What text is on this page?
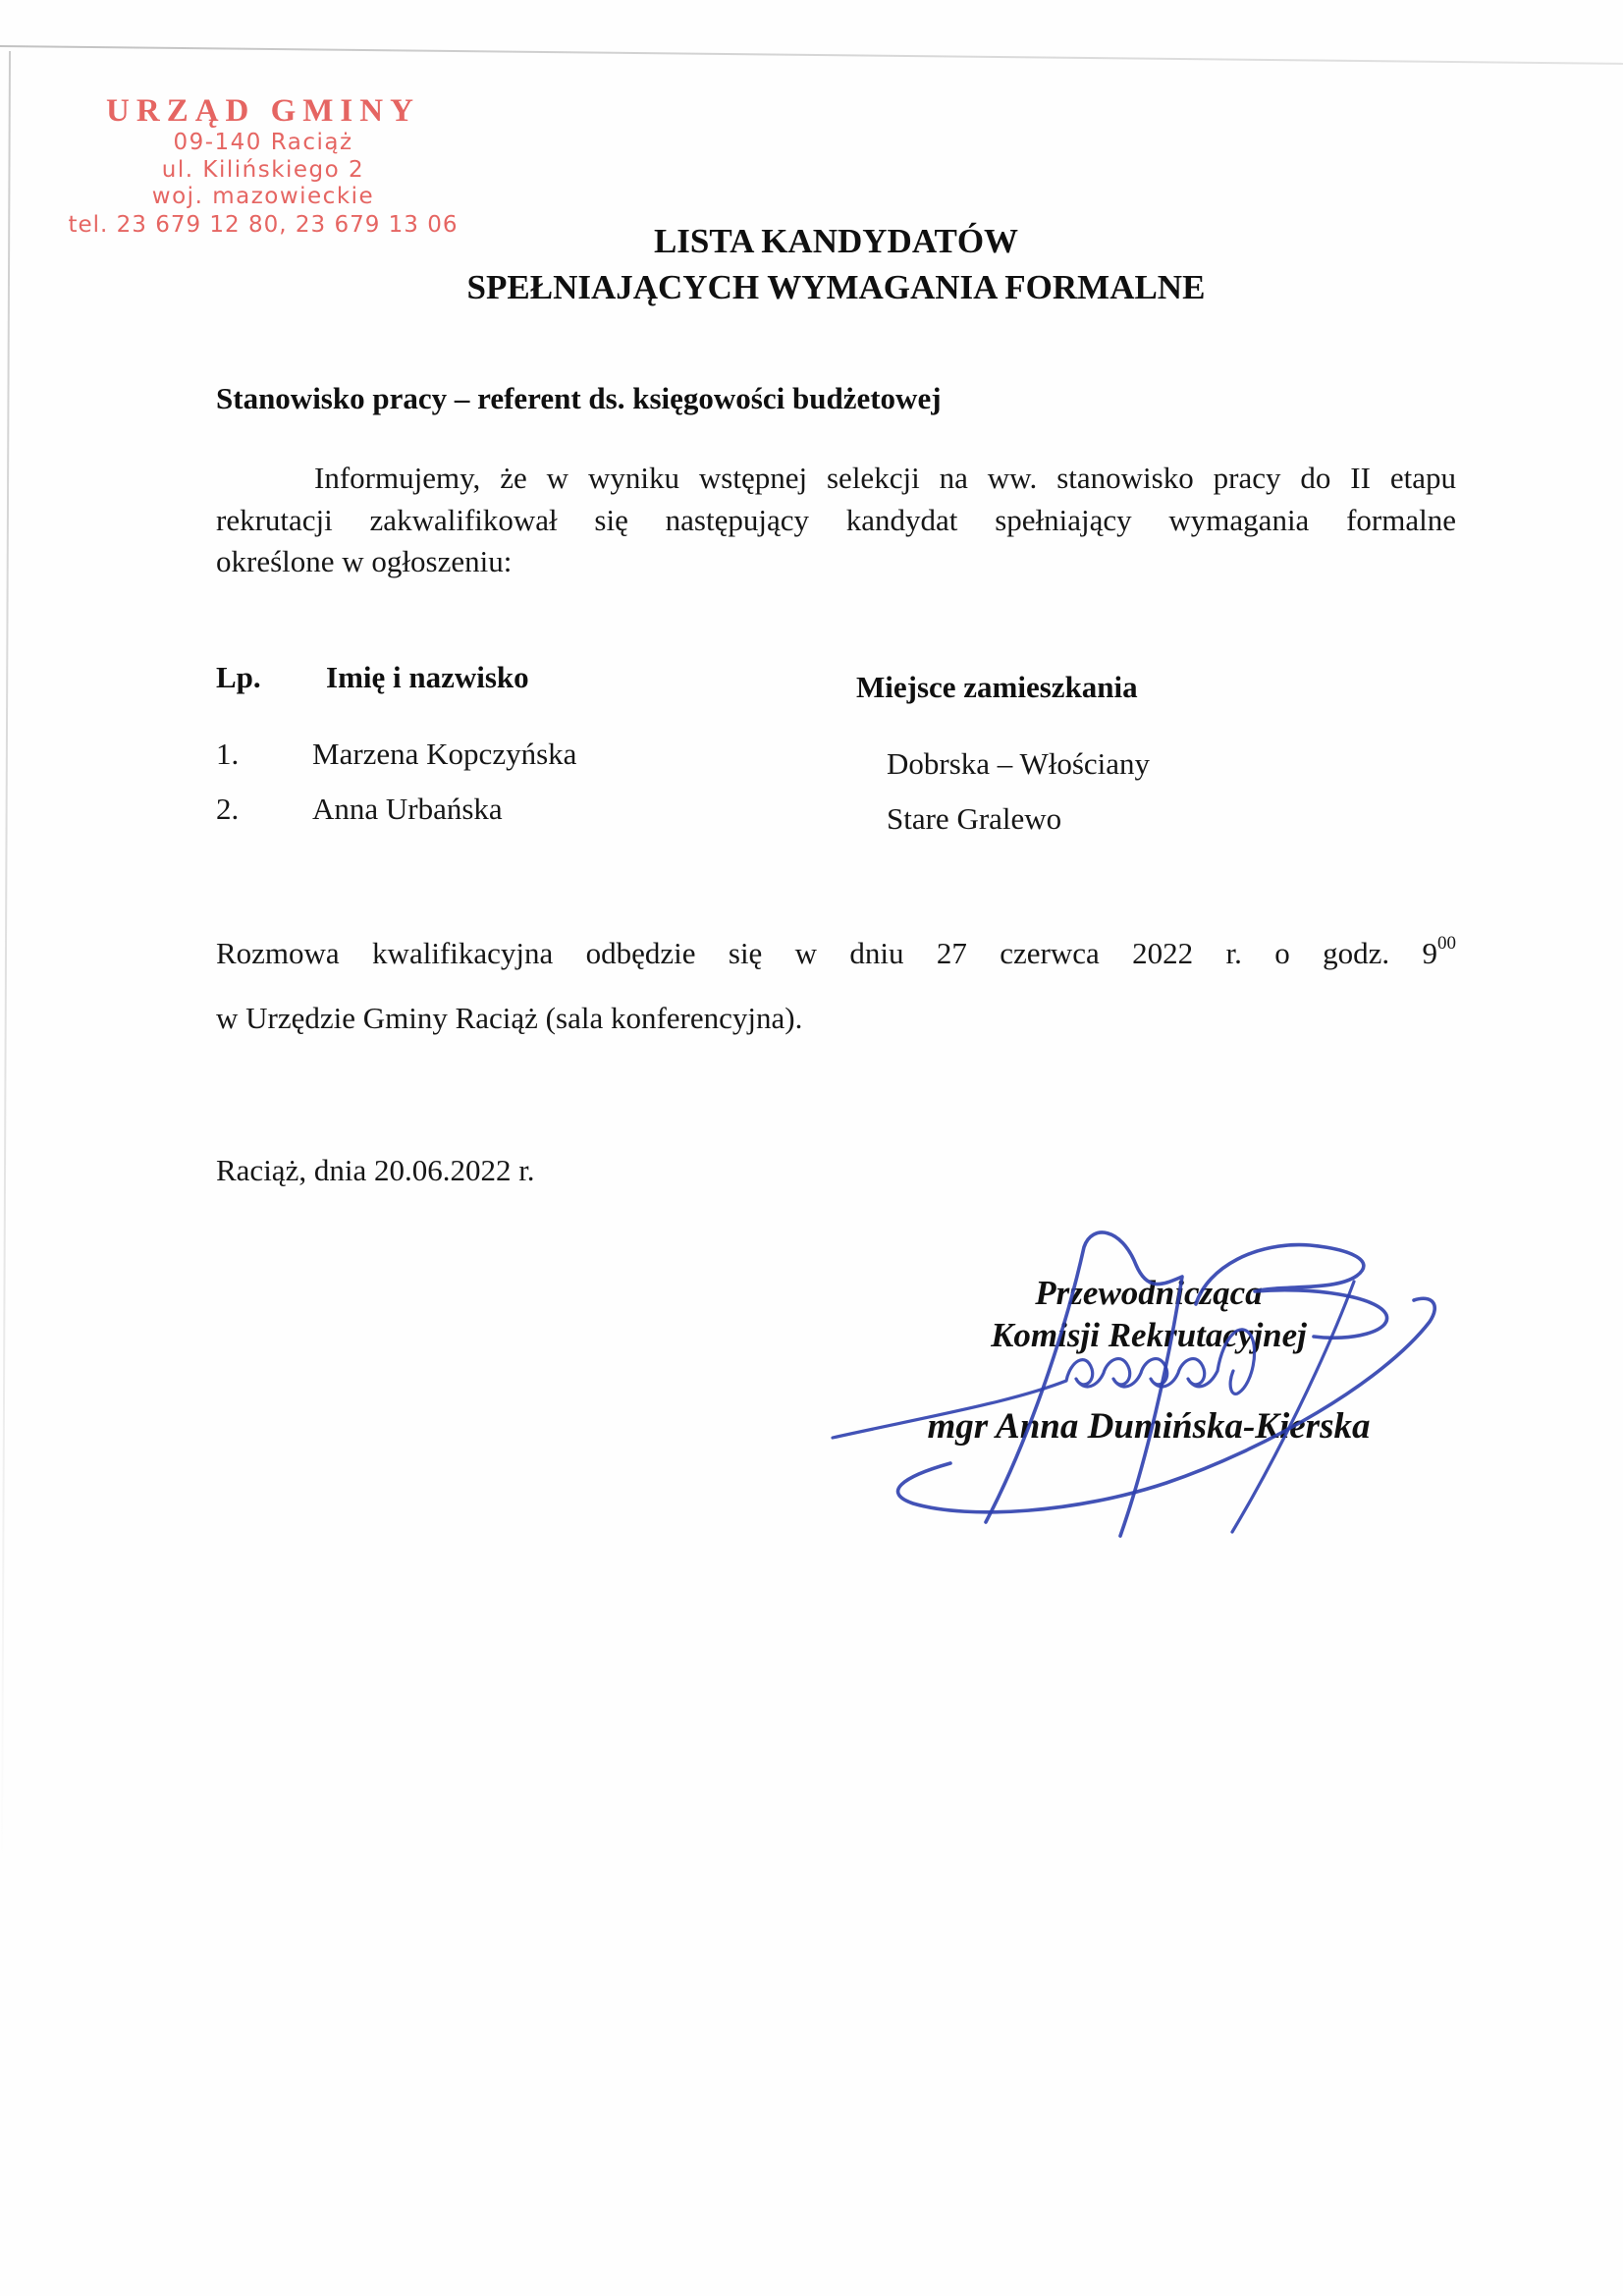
URZĄD GMINY
09-140 Raciąż
ul. Kilińskiego 2
woj. mazowieckie
tel. 23 679 12 80, 23 679 13 06	LISTA KANDYDATÓW
SPEŁNIAJĄCYCH WYMAGANIA FORMALNE
Stanowisko pracy – referent ds. księgowości budżetowej
Informujemy, że w wyniku wstępnej selekcji na ww. stanowisko pracy do II etapu
rekrutacji zakwalifikował się następujący kandydat spełniający wymagania formalne
określone w ogłoszeniu:
Lp. Imię i nazwisko	Miejsce zamieszkania
1. Marzena Kopczyńska	Dobrska – Włościany
2. Anna Urbańska	Stare Gralewo
Rozmowa kwalifikacyjna odbędzie się w dniu 27 czerwca 2022 r. o godz. $9^{00}$
w Urzędzie Gminy Raciąż (sala konferencyjna).
Raciąż, dnia 20.06.2022 r.
Przewodnicząca
Komisji Rekrutacyjnej
mgr Anna Dumińska-Kierska
